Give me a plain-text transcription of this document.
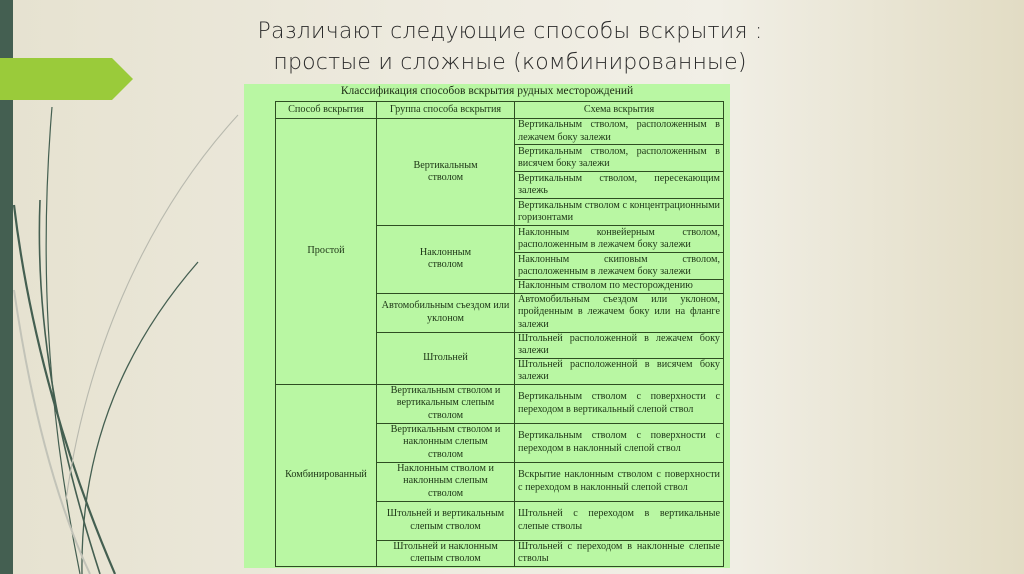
Различают следующие способы вскрытия :
простые и сложные (комбинированные)
Классификация способов вскрытия рудных месторождений
Способ вскрытия	Группа способа вскрытия	Схема вскрытия
Простой	Вертикальным стволом	Вертикальным стволом, расположенным в лежачем боку залежи
		Вертикальным стволом, расположенным в висячем боку залежи
		Вертикальным стволом, пересекающим залежь
		Вертикальным стволом с концентрационными горизонтами
	Наклонным стволом	Наклонным конвейерным стволом, расположенным в лежачем боку залежи
		Наклонным скиповым стволом, расположенным в лежачем боку залежи
		Наклонным стволом по месторождению
	Автомобильным съездом или уклоном	Автомобильным съездом или уклоном, пройденным в лежачем боку или на фланге залежи
	Штольней	Штольней расположенной в лежачем боку залежи
		Штольней расположенной в висячем боку залежи
Комбинированный	Вертикальным стволом и вертикальным слепым стволом	Вертикальным стволом с поверхности с переходом в вертикальный слепой ствол
	Вертикальным стволом и наклонным слепым стволом	Вертикальным стволом с поверхности с переходом в наклонный слепой ствол
	Наклонным стволом и наклонным слепым стволом	Вскрытие наклонным стволом с поверхности с переходом в наклонный слепой ствол
	Штольней и вертикальным слепым стволом	Штольней с переходом в вертикальные слепые стволы
	Штольней и наклонным слепым стволом	Штольней с переходом в наклонные слепые стволы
